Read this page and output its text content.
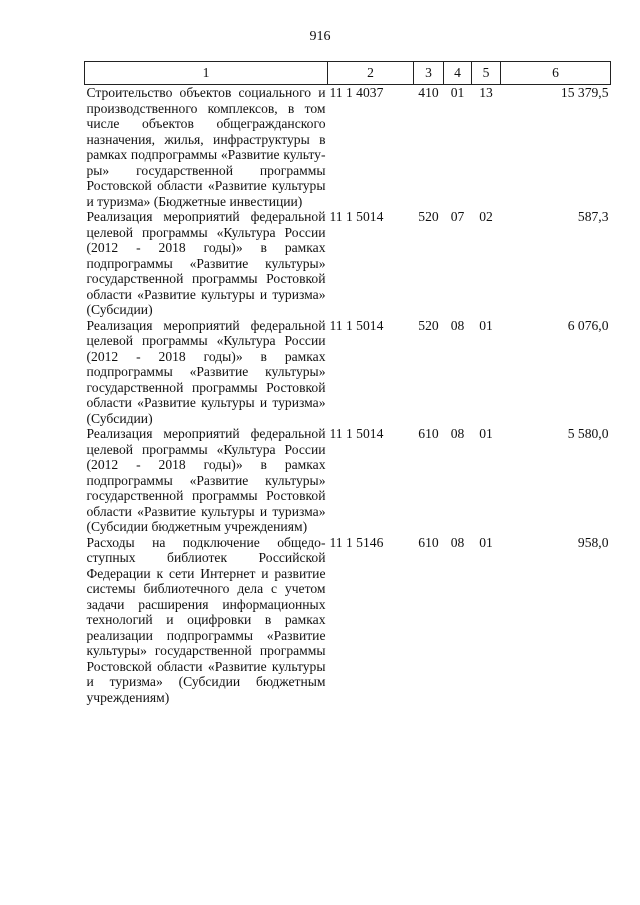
916
1	2	3	4	5	6
Строительство объектов социального и производственного комплексов, в том числе объектов общегражданского назначения, жилья, инфраструктуры в рамках подпрограммы «Развитие культуры» государственной программы Ростовской области «Развитие культуры и туризма» (Бюджетные инвестиции)	11 1 4037	410	01	13	15 379,5
Реализация мероприятий федеральной целевой программы «Культура России (2012 - 2018 годы)» в рамках подпрограммы «Развитие культуры» государственной программы Ростовкой области «Развитие культуры и туризма» (Субсидии)	11 1 5014	520	07	02	587,3
Реализация мероприятий федеральной целевой программы «Культура России (2012 - 2018 годы)» в рамках подпрограммы «Развитие культуры» государственной программы Ростовкой области «Развитие культуры и туризма» (Субсидии)	11 1 5014	520	08	01	6 076,0
Реализация мероприятий федеральной целевой программы «Культура России (2012 - 2018 годы)» в рамках подпрограммы «Развитие культуры» государственной программы Ростовкой области «Развитие культуры и туризма» (Субсидии бюджетным учреждениям)	11 1 5014	610	08	01	5 580,0
Расходы на подключение общедоступных библиотек Российской Федерации к сети Интернет и развитие системы библиотечного дела с учетом задачи расширения информационных технологий и оцифровки в рамках реализации подпрограммы «Развитие культуры» государственной программы Ростовской области «Развитие культуры и туризма» (Субсидии бюджетным учреждениям)	11 1 5146	610	08	01	958,0
